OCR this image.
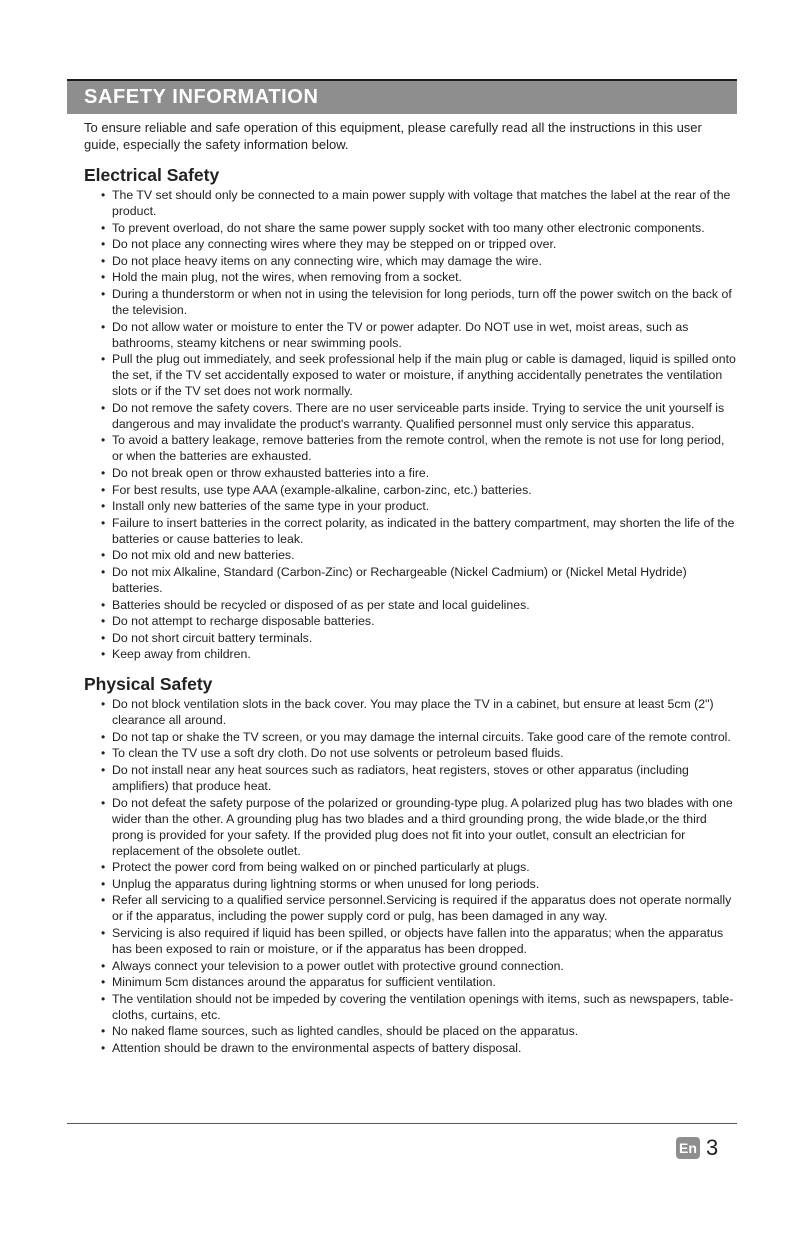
SAFETY INFORMATION

To ensure reliable and safe operation of this equipment, please carefully read all the instructions in this user guide, especially the safety information below.

Electrical Safety
• The TV set should only be connected to a main power supply with voltage that matches the label at the rear of the product.
• To prevent overload, do not share the same power supply socket with too many other electronic components.
• Do not place any connecting wires where they may be stepped on or tripped over.
• Do not place heavy items on any connecting wire, which may damage the wire.
• Hold the main plug, not the wires, when removing from a socket.
• During a thunderstorm or when not in using the television for long periods, turn off the power switch on the back of the television.
• Do not allow water or moisture to enter the TV or power adapter. Do NOT use in wet, moist areas, such as bathrooms, steamy kitchens or near swimming pools.
• Pull the plug out immediately, and seek professional help if the main plug or cable is damaged, liquid is spilled onto the set, if the TV set accidentally exposed to water or moisture, if anything accidentally penetrates the ventilation slots or if the TV set does not work normally.
• Do not remove the safety covers. There are no user serviceable parts inside. Trying to service the unit yourself is dangerous and may invalidate the product's warranty. Qualified personnel must only service this apparatus.
• To avoid a battery leakage, remove batteries from the remote control, when the remote is not use for long period, or when the batteries are exhausted.
• Do not break open or throw exhausted batteries into a fire.
• For best results, use type AAA (example-alkaline, carbon-zinc, etc.) batteries.
• Install only new batteries of the same type in your product.
• Failure to insert batteries in the correct polarity, as indicated in the battery compartment, may shorten the life of the batteries or cause batteries to leak.
• Do not mix old and new batteries.
• Do not mix Alkaline, Standard (Carbon-Zinc) or Rechargeable (Nickel Cadmium) or (Nickel Metal Hydride) batteries.
• Batteries should be recycled or disposed of as per state and local guidelines.
• Do not attempt to recharge disposable batteries.
• Do not short circuit battery terminals.
• Keep away from children.
Physical Safety
• Do not block ventilation slots in the back cover. You may place the TV in a cabinet, but ensure at least 5cm (2") clearance all around.
• Do not tap or shake the TV screen, or you may damage the internal circuits. Take good care of the remote control.
• To clean the TV use a soft dry cloth. Do not use solvents or petroleum based fluids.
• Do not install near any heat sources such as radiators, heat registers, stoves or other apparatus (including amplifiers) that produce heat.
• Do not defeat the safety purpose of the polarized or grounding-type plug. A polarized plug has two blades with one wider than the other. A grounding plug has two blades and a third grounding prong, the wide blade,or the third prong is provided for your safety. If the provided plug does not fit into your outlet, consult an electrician for replacement of the obsolete outlet.
• Protect the power cord from being walked on or pinched particularly at plugs.
• Unplug the apparatus during lightning storms or when unused for long periods.
• Refer all servicing to a qualified service personnel.Servicing is required if the apparatus does not operate normally or if the apparatus, including the power supply cord or pulg, has been damaged in any way.
• Servicing is also required if liquid has been spilled, or objects have fallen into the apparatus; when the apparatus has been exposed to rain or moisture, or if the apparatus has been dropped.
• Always connect your television to a power outlet with protective ground connection.
• Minimum 5cm distances around the apparatus for sufficient ventilation.
• The ventilation should not be impeded by covering the ventilation openings with items, such as newspapers, table-cloths, curtains, etc.
• No naked flame sources, such as lighted candles, should be placed on the apparatus.
• Attention should be drawn to the environmental aspects of battery disposal.
En 3
